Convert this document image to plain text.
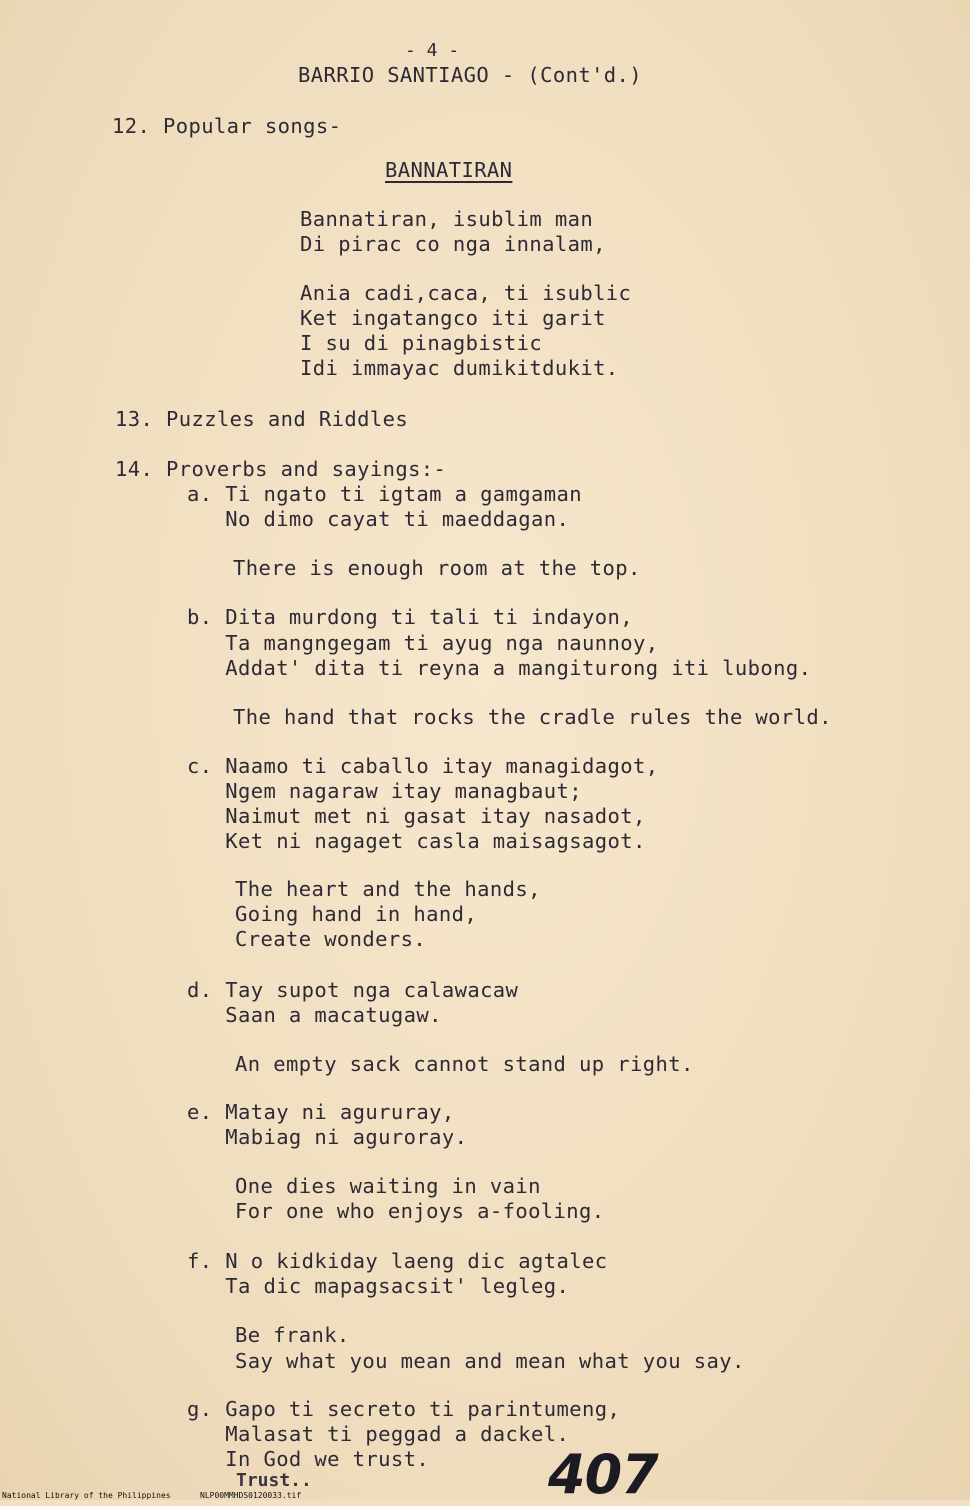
- 4 -
BARRIO SANTIAGO - (Cont'd.)
12. Popular songs-
BANNATIRAN
Bannatiran, isublim man
Di pirac co nga innalam,
Ania cadi,caca, ti isublic
Ket ingatangco iti garit
I su di pinagbistic
Idi immayac dumikitdukit.
13. Puzzles and Riddles
14. Proverbs and sayings:-
a. Ti ngato ti igtam a gamgaman
No dimo cayat ti maeddagan.
There is enough room at the top.
b. Dita murdong ti tali ti indayon,
Ta mangngegam ti ayug nga naunnoy,
Addat' dita ti reyna a mangiturong iti lubong.
The hand that rocks the cradle rules the world.
c. Naamo ti caballo itay managidagot,
Ngem nagaraw itay managbaut;
Naimut met ni gasat itay nasadot,
Ket ni nagaget casla maisagsagot.
The heart and the hands,
Going hand in hand,
Create wonders.
d. Tay supot nga calawacaw
Saan a macatugaw.
An empty sack cannot stand up right.
e. Matay ni agururay,
Mabiag ni aguroray.
One dies waiting in vain
For one who enjoys a-fooling.
f. N o kidkiday laeng dic agtalec
Ta dic mapagsacsit' legleg.
Be frank.
Say what you mean and mean what you say.
g. Gapo ti secreto ti parintumeng,
Malasat ti peggad a dackel.
In God we trust.
Trust..	407
National Library of the Philippines	NLP00MMHDS0120033.tif
